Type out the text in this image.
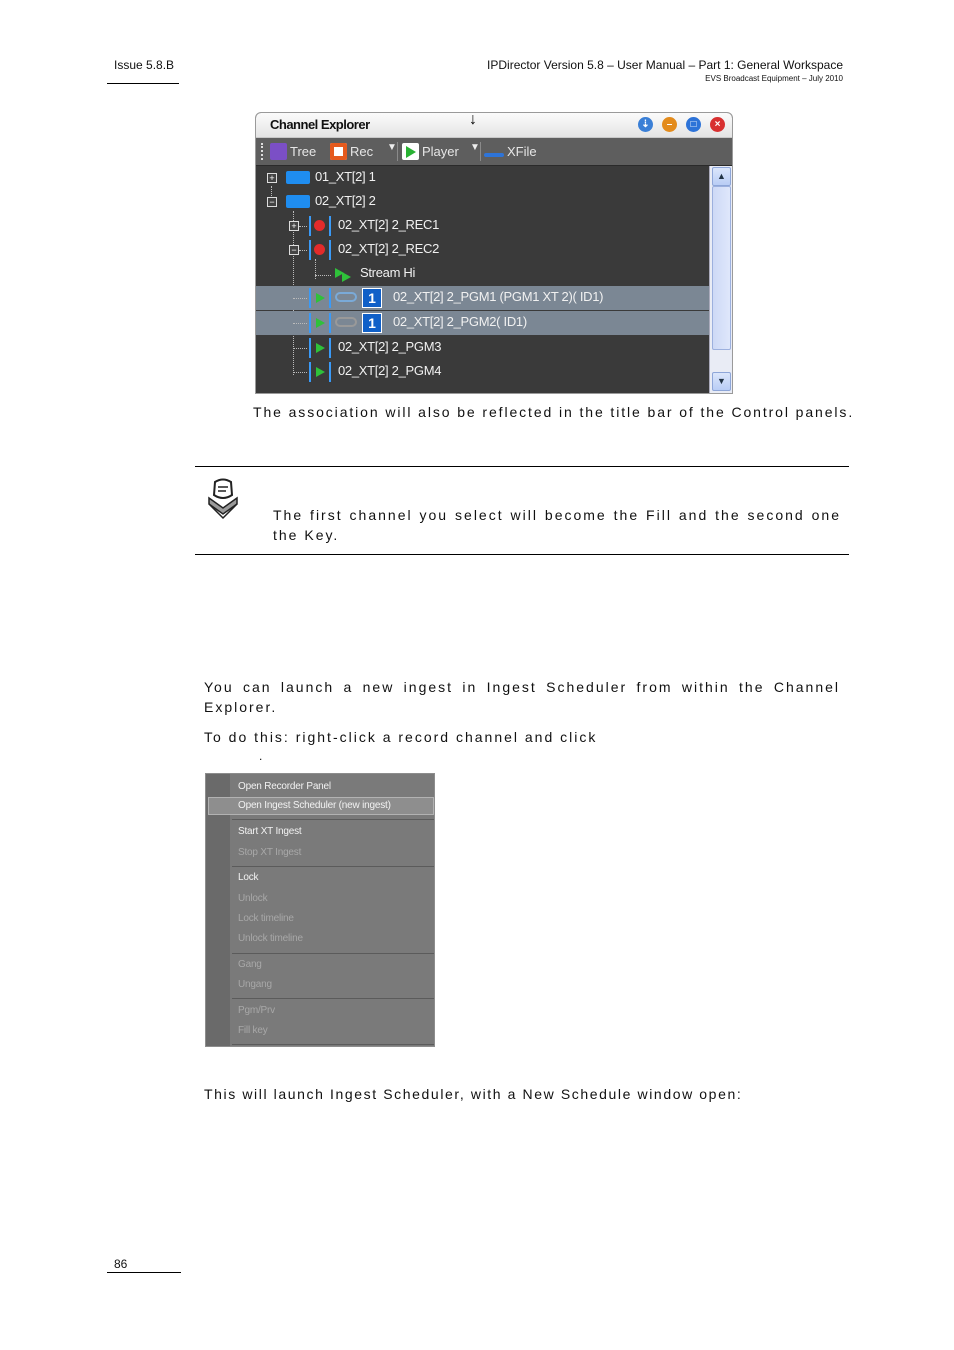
Issue 5.8.B	IPDirector Version 5.8 – User Manual – Part 1: General Workspace
EVS Broadcast Equipment – July 2010
Channel Explorer	↓	⇣	–	□	×
Tree	Rec ▼ Player ▼ XFile
+	01_XT[2] 1
−	02_XT[2] 2
+	02_XT[2] 2_REC1
−	02_XT[2] 2_REC2
Stream Hi
1	02_XT[2] 2_PGM1 (PGM1 XT 2)( ID1)
1	02_XT[2] 2_PGM2( ID1)
02_XT[2] 2_PGM3
02_XT[2] 2_PGM4
▲
▼
The association will also be reflected in the title bar of the Control panels.
The first channel you select will become the Fill and the second one the Key.
You can launch a new ingest in Ingest Scheduler from within the Channel Explorer.
To do this: right-click a record channel and click
.
Open Recorder Panel
Open Ingest Scheduler (new ingest)
Start XT Ingest
Stop XT Ingest
Lock
Unlock
Lock timeline
Unlock timeline
Gang
Ungang
Pgm/Prv
Fill key
This will launch Ingest Scheduler, with a New Schedule window open:
86
